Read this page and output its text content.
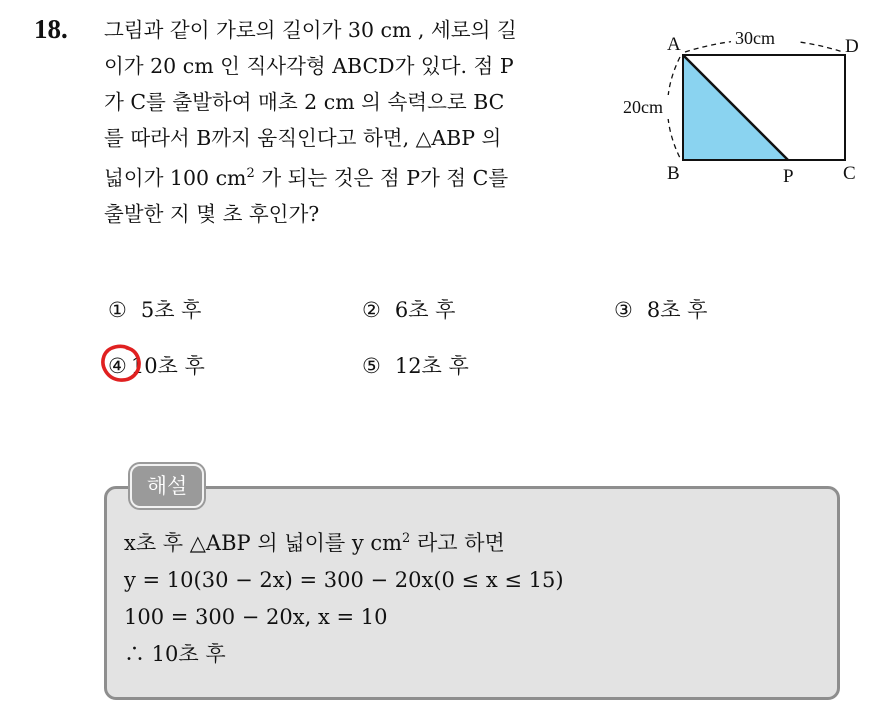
18. 그림과 같이 가로의 길이가 30 cm , 세로의 길
이가 20 cm 인 직사각형 ABCD가 있다. 점 P
가 C를 출발하여 매초 2 cm 의 속력으로 BC
를 따라서 B까지 움직인다고 하면, △ABP 의
넓이가 100 $cm^2$ 가 되는 것은 점 P가 점 C를
출발한 지 몇 초 후인가?
A	D
B	C
P
30cm
20cm
① 5초 후	② 6초 후	③ 8초 후
④ 10초 후	⑤ 12초 후
해설
x초 후 △ABP 의 넓이를 y $cm^2$ 라고 하면
y = 10(30 − 2x) = 300 − 20x(0 ≤ x ≤ 15)
100 = 300 − 20x, x = 10
∴ 10초 후
